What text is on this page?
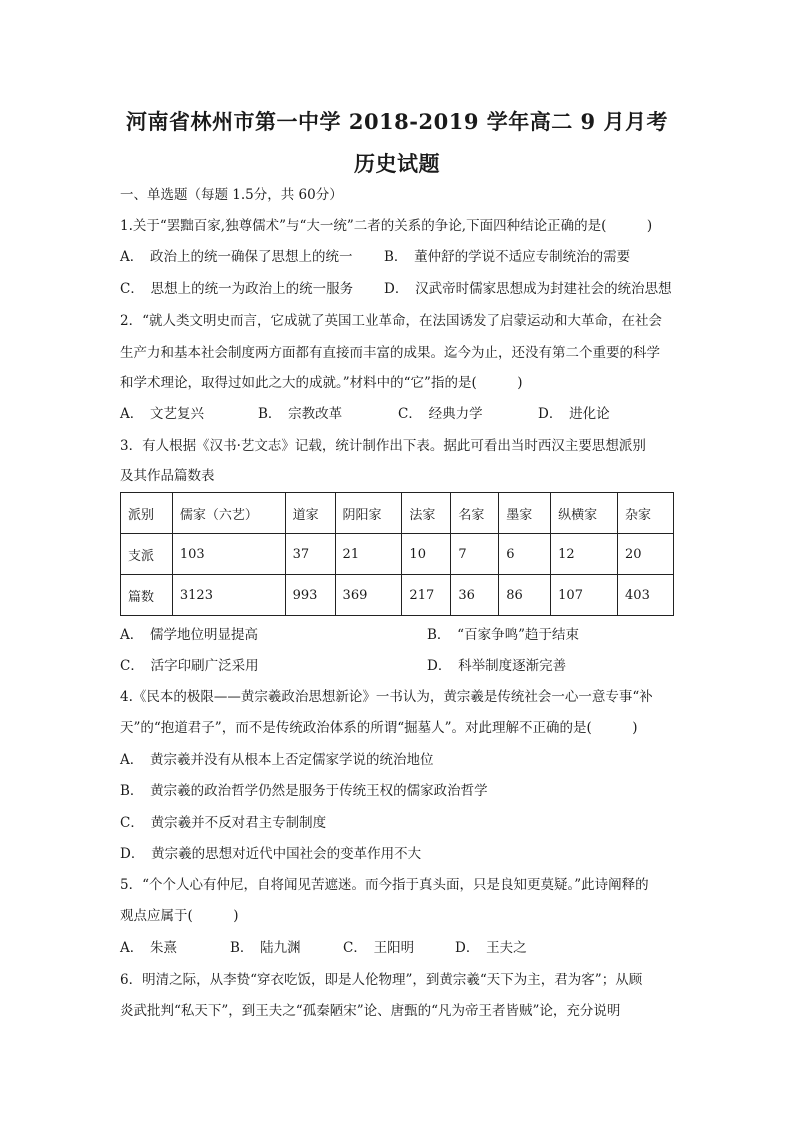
河南省林州市第一中学 2018-2019 学年高二 9 月月考
历史试题
一、单选题（每题 1.5分，共 60分）
1.关于“罢黜百家,独尊儒术”与“大一统”二者的关系的争论,下面四种结论正确的是(　　　)
A．　政治上的统一确保了思想上的统一 B．　董仲舒的学说不适应专制统治的需要
C．　思想上的统一为政治上的统一服务 D．　汉武帝时儒家思想成为封建社会的统治思想
2．“就人类文明史而言，它成就了英国工业革命，在法国诱发了启蒙运动和大革命，在社会
生产力和基本社会制度两方面都有直接而丰富的成果。迄今为止，还没有第二个重要的科学
和学术理论，取得过如此之大的成就。”材料中的“它”指的是(　　　)
A．　文艺复兴	B．　宗教改革	C．　经典力学	D．　进化论
3．有人根据《汉书·艺文志》记载，统计制作出下表。据此可看出当时西汉主要思想派别
及其作品篇数表
派别	儒家（六艺）	道家	阴阳家	法家	名家	墨家	纵横家	杂家
支派	103	37	21	10	7	6	12	20
篇数	3123	993	369	217	36	86	107	403
A．　儒学地位明显提高	B．　“百家争鸣”趋于结束
C．　活字印刷广泛采用	D．　科举制度逐渐完善
4.《民本的极限——黄宗羲政治思想新论》一书认为，黄宗羲是传统社会一心一意专事“补
天”的“抱道君子”，而不是传统政治体系的所谓“掘墓人”。对此理解不正确的是(　　　)
A．　黄宗羲并没有从根本上否定儒家学说的统治地位
B．　黄宗羲的政治哲学仍然是服务于传统王权的儒家政治哲学
C．　黄宗羲并不反对君主专制制度
D．　黄宗羲的思想对近代中国社会的变革作用不大
5．“个个人心有仲尼，自将闻见苦遮迷。而今指于真头面，只是良知更莫疑。”此诗阐释的
观点应属于(　　　)
A．　朱熹	B．　陆九渊	C．　王阳明	D．　王夫之
6．明清之际，从李贽“穿衣吃饭，即是人伦物理”，到黄宗羲“天下为主，君为客”；从顾
炎武批判“私天下”，到王夫之“孤秦陋宋”论、唐甄的“凡为帝王者皆贼”论，充分说明
